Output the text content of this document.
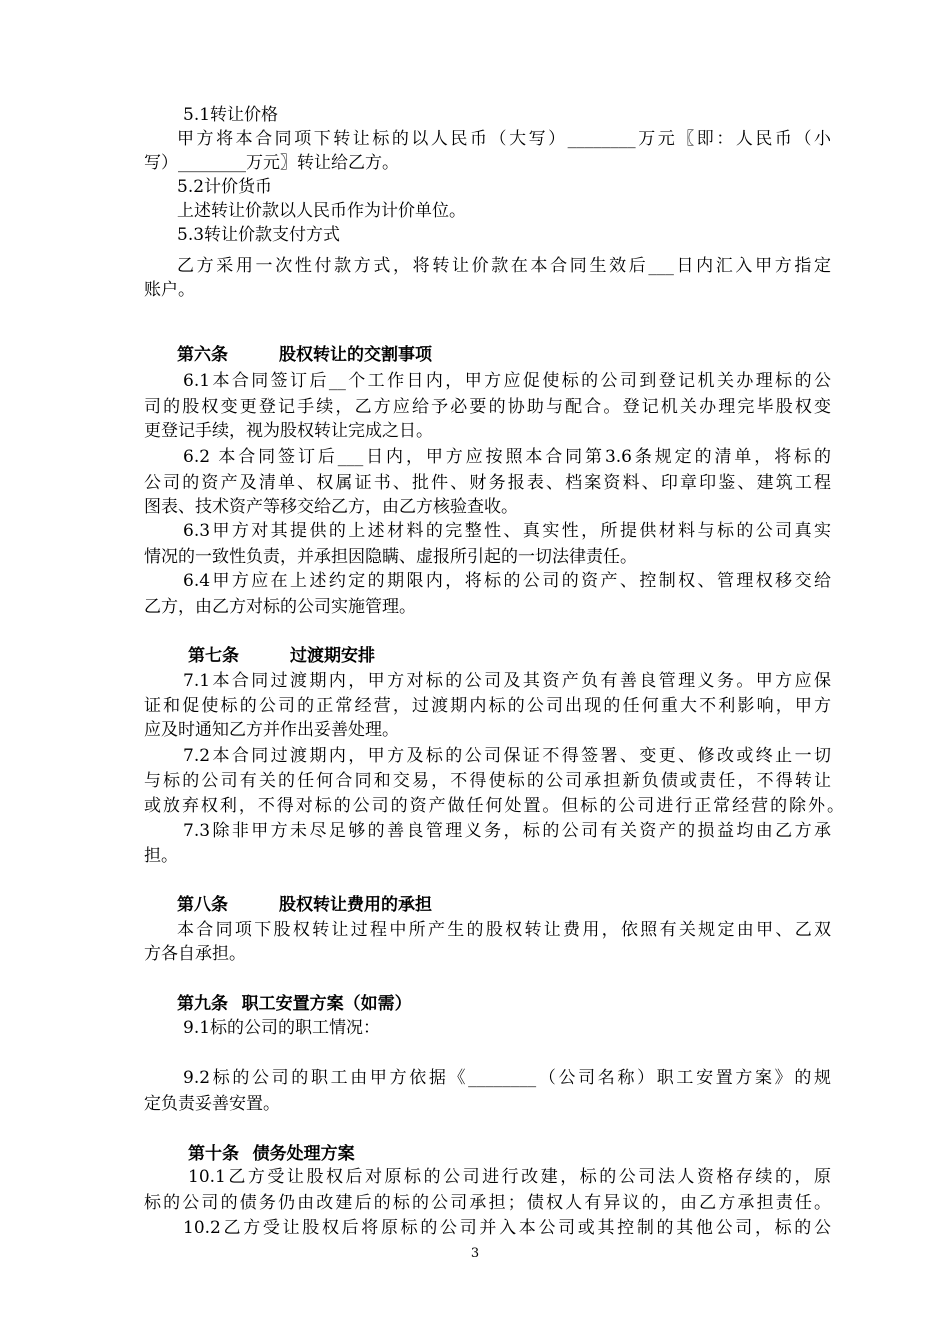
5.1转让价格
甲方将本合同项下转让标的以人民币（大写）________万元〖即：人民币（小
写）________万元〗转让给乙方。
5.2计价货币
上述转让价款以人民币作为计价单位。
5.3转让价款支付方式
乙方采用一次性付款方式，将转让价款在本合同生效后___日内汇入甲方指定
账户。
第六条	股权转让的交割事项
6.1本合同签订后__个工作日内，甲方应促使标的公司到登记机关办理标的公
司的股权变更登记手续，乙方应给予必要的协助与配合。登记机关办理完毕股权变
更登记手续，视为股权转让完成之日。
6.2 本合同签订后___日内，甲方应按照本合同第3.6条规定的清单，将标的
公司的资产及清单、权属证书、批件、财务报表、档案资料、印章印鉴、建筑工程
图表、技术资产等移交给乙方，由乙方核验查收。
6.3甲方对其提供的上述材料的完整性、真实性，所提供材料与标的公司真实
情况的一致性负责，并承担因隐瞒、虚报所引起的一切法律责任。
6.4甲方应在上述约定的期限内，将标的公司的资产、控制权、管理权移交给
乙方，由乙方对标的公司实施管理。
第七条	过渡期安排
7.1本合同过渡期内，甲方对标的公司及其资产负有善良管理义务。甲方应保
证和促使标的公司的正常经营，过渡期内标的公司出现的任何重大不利影响，甲方
应及时通知乙方并作出妥善处理。
7.2本合同过渡期内，甲方及标的公司保证不得签署、变更、修改或终止一切
与标的公司有关的任何合同和交易，不得使标的公司承担新负债或责任，不得转让
或放弃权利，不得对标的公司的资产做任何处置。但标的公司进行正常经营的除外。
7.3除非甲方未尽足够的善良管理义务，标的公司有关资产的损益均由乙方承
担。
第八条	股权转让费用的承担
本合同项下股权转让过程中所产生的股权转让费用，依照有关规定由甲、乙双
方各自承担。
第九条 职工安置方案（如需）
9.1标的公司的职工情况：
9.2标的公司的职工由甲方依据《________（公司名称）职工安置方案》的规
定负责妥善安置。
第十条 债务处理方案
10.1乙方受让股权后对原标的公司进行改建，标的公司法人资格存续的，原
标的公司的债务仍由改建后的标的公司承担；债权人有异议的，由乙方承担责任。
10.2乙方受让股权后将原标的公司并入本公司或其控制的其他公司，标的公
3
